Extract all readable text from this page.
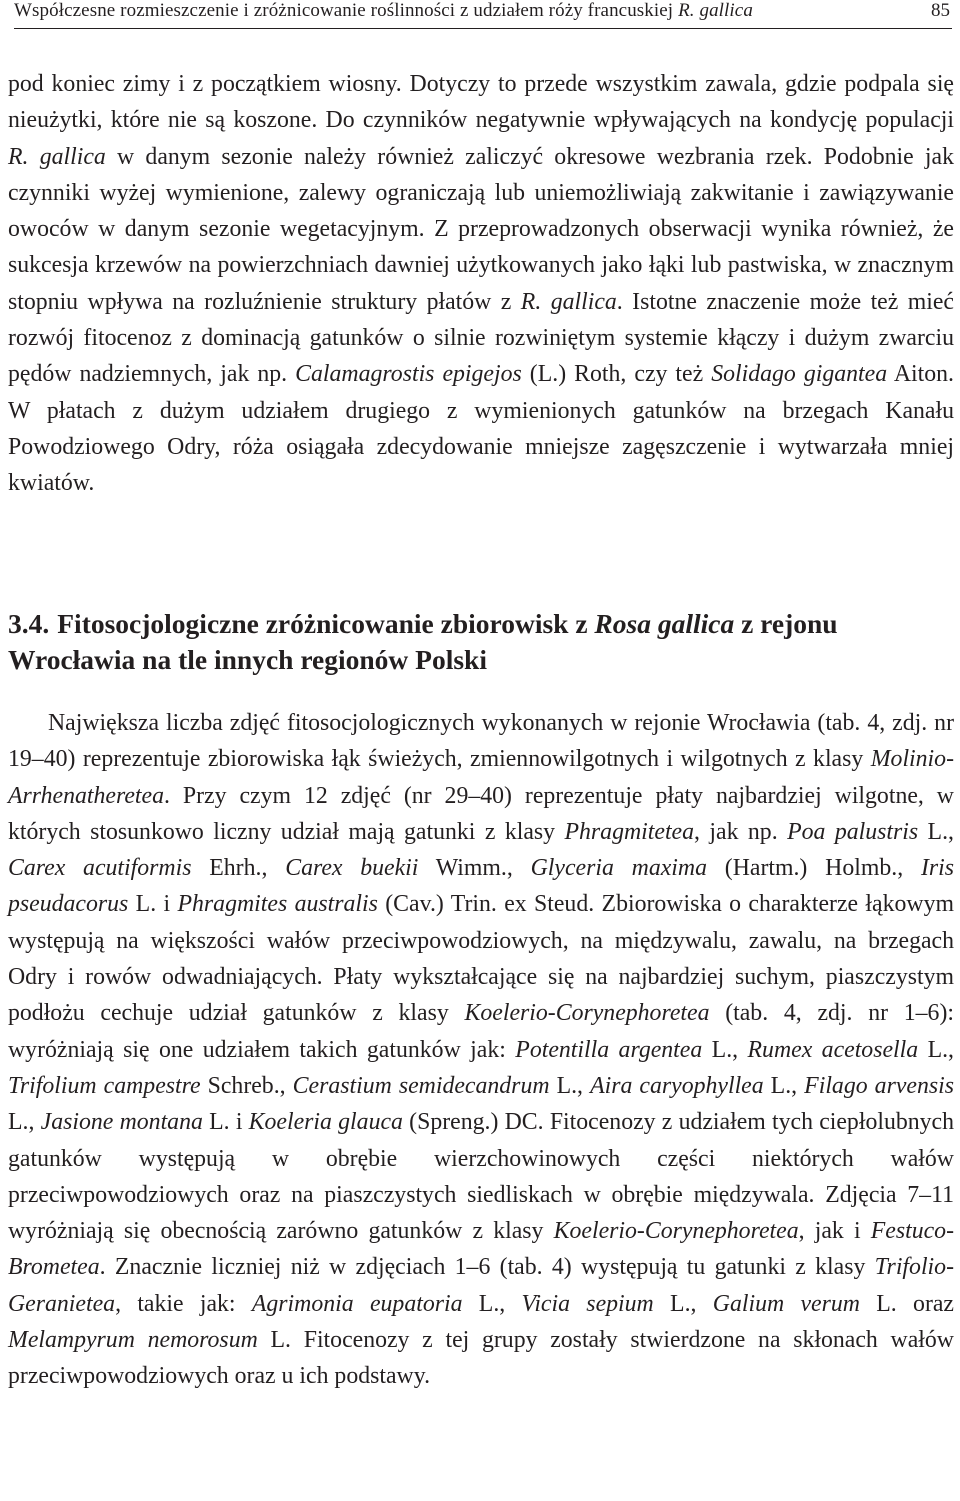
Współczesne rozmieszczenie i zróżnicowanie roślinności z udziałem róży francuskiej R. gallica	85

pod koniec zimy i z początkiem wiosny. Dotyczy to przede wszystkim zawala, gdzie podpala się nieużytki, które nie są koszone. Do czynników negatywnie wpływających na kondycję populacji R. gallica w danym sezonie należy również zaliczyć okresowe wezbrania rzek. Podobnie jak czynniki wyżej wymienione, zalewy ograniczają lub uniemożliwiają zakwitanie i zawiązywanie owoców w danym sezonie wegetacyjnym. Z przeprowadzonych obserwacji wynika również, że sukcesja krzewów na powierzchniach dawniej użytkowanych jako łąki lub pastwiska, w znacznym stopniu wpływa na rozluźnienie struktury płatów z R. gallica. Istotne znaczenie może też mieć rozwój fitocenoz z dominacją gatunków o silnie rozwiniętym systemie kłączy i dużym zwarciu pędów nadziemnych, jak np. Calamagrostis epigejos (L.) Roth, czy też Solidago gigantea Aiton. W płatach z dużym udziałem drugiego z wymienionych gatunków na brzegach Kanału Powodziowego Odry, róża osiągała zdecydowanie mniejsze zagęszczenie i wytwarzała mniej kwiatów.

3.4. Fitosocjologiczne zróżnicowanie zbiorowisk z Rosa gallica z rejonu
Wrocławia na tle innych regionów Polski

Największa liczba zdjęć fitosocjologicznych wykonanych w rejonie Wrocławia (tab. 4, zdj. nr 19–40) reprezentuje zbiorowiska łąk świeżych, zmiennowilgotnych i wilgotnych z klasy Molinio-Arrhenatheretea. Przy czym 12 zdjęć (nr 29–40) reprezentuje płaty najbardziej wilgotne, w których stosunkowo liczny udział mają gatunki z klasy Phragmitetea, jak np. Poa palustris L., Carex acutiformis Ehrh., Carex buekii Wimm., Glyceria maxima (Hartm.) Holmb., Iris pseudacorus L. i Phragmites australis (Cav.) Trin. ex Steud. Zbiorowiska o charakterze łąkowym występują na większości wałów przeciwpowodziowych, na międzywalu, zawalu, na brzegach Odry i rowów odwadniających. Płaty wykształcające się na najbardziej suchym, piaszczystym podłożu cechuje udział gatunków z klasy Koelerio-Corynephoretea (tab. 4, zdj. nr 1–6): wyróżniają się one udziałem takich gatunków jak: Potentilla argentea L., Rumex acetosella L., Trifolium campestre Schreb., Cerastium semidecandrum L., Aira caryophyllea L., Filago arvensis L., Jasione montana L. i Koeleria glauca (Spreng.) DC. Fitocenozy z udziałem tych ciepłolubnych gatunków występują w obrębie wierzchowinowych części niektórych wałów przeciwpowodziowych oraz na piaszczystych siedliskach w obrębie międzywala. Zdjęcia 7–11 wyróżniają się obecnością zarówno gatunków z klasy Koelerio-Corynephoretea, jak i Festuco-Brometea. Znacznie liczniej niż w zdjęciach 1–6 (tab. 4) występują tu gatunki z klasy Trifolio-Geranietea, takie jak: Agrimonia eupatoria L., Vicia sepium L., Galium verum L. oraz Melampyrum nemorosum L. Fitocenozy z tej grupy zostały stwierdzone na skłonach wałów przeciwpowodziowych oraz u ich podstawy.
